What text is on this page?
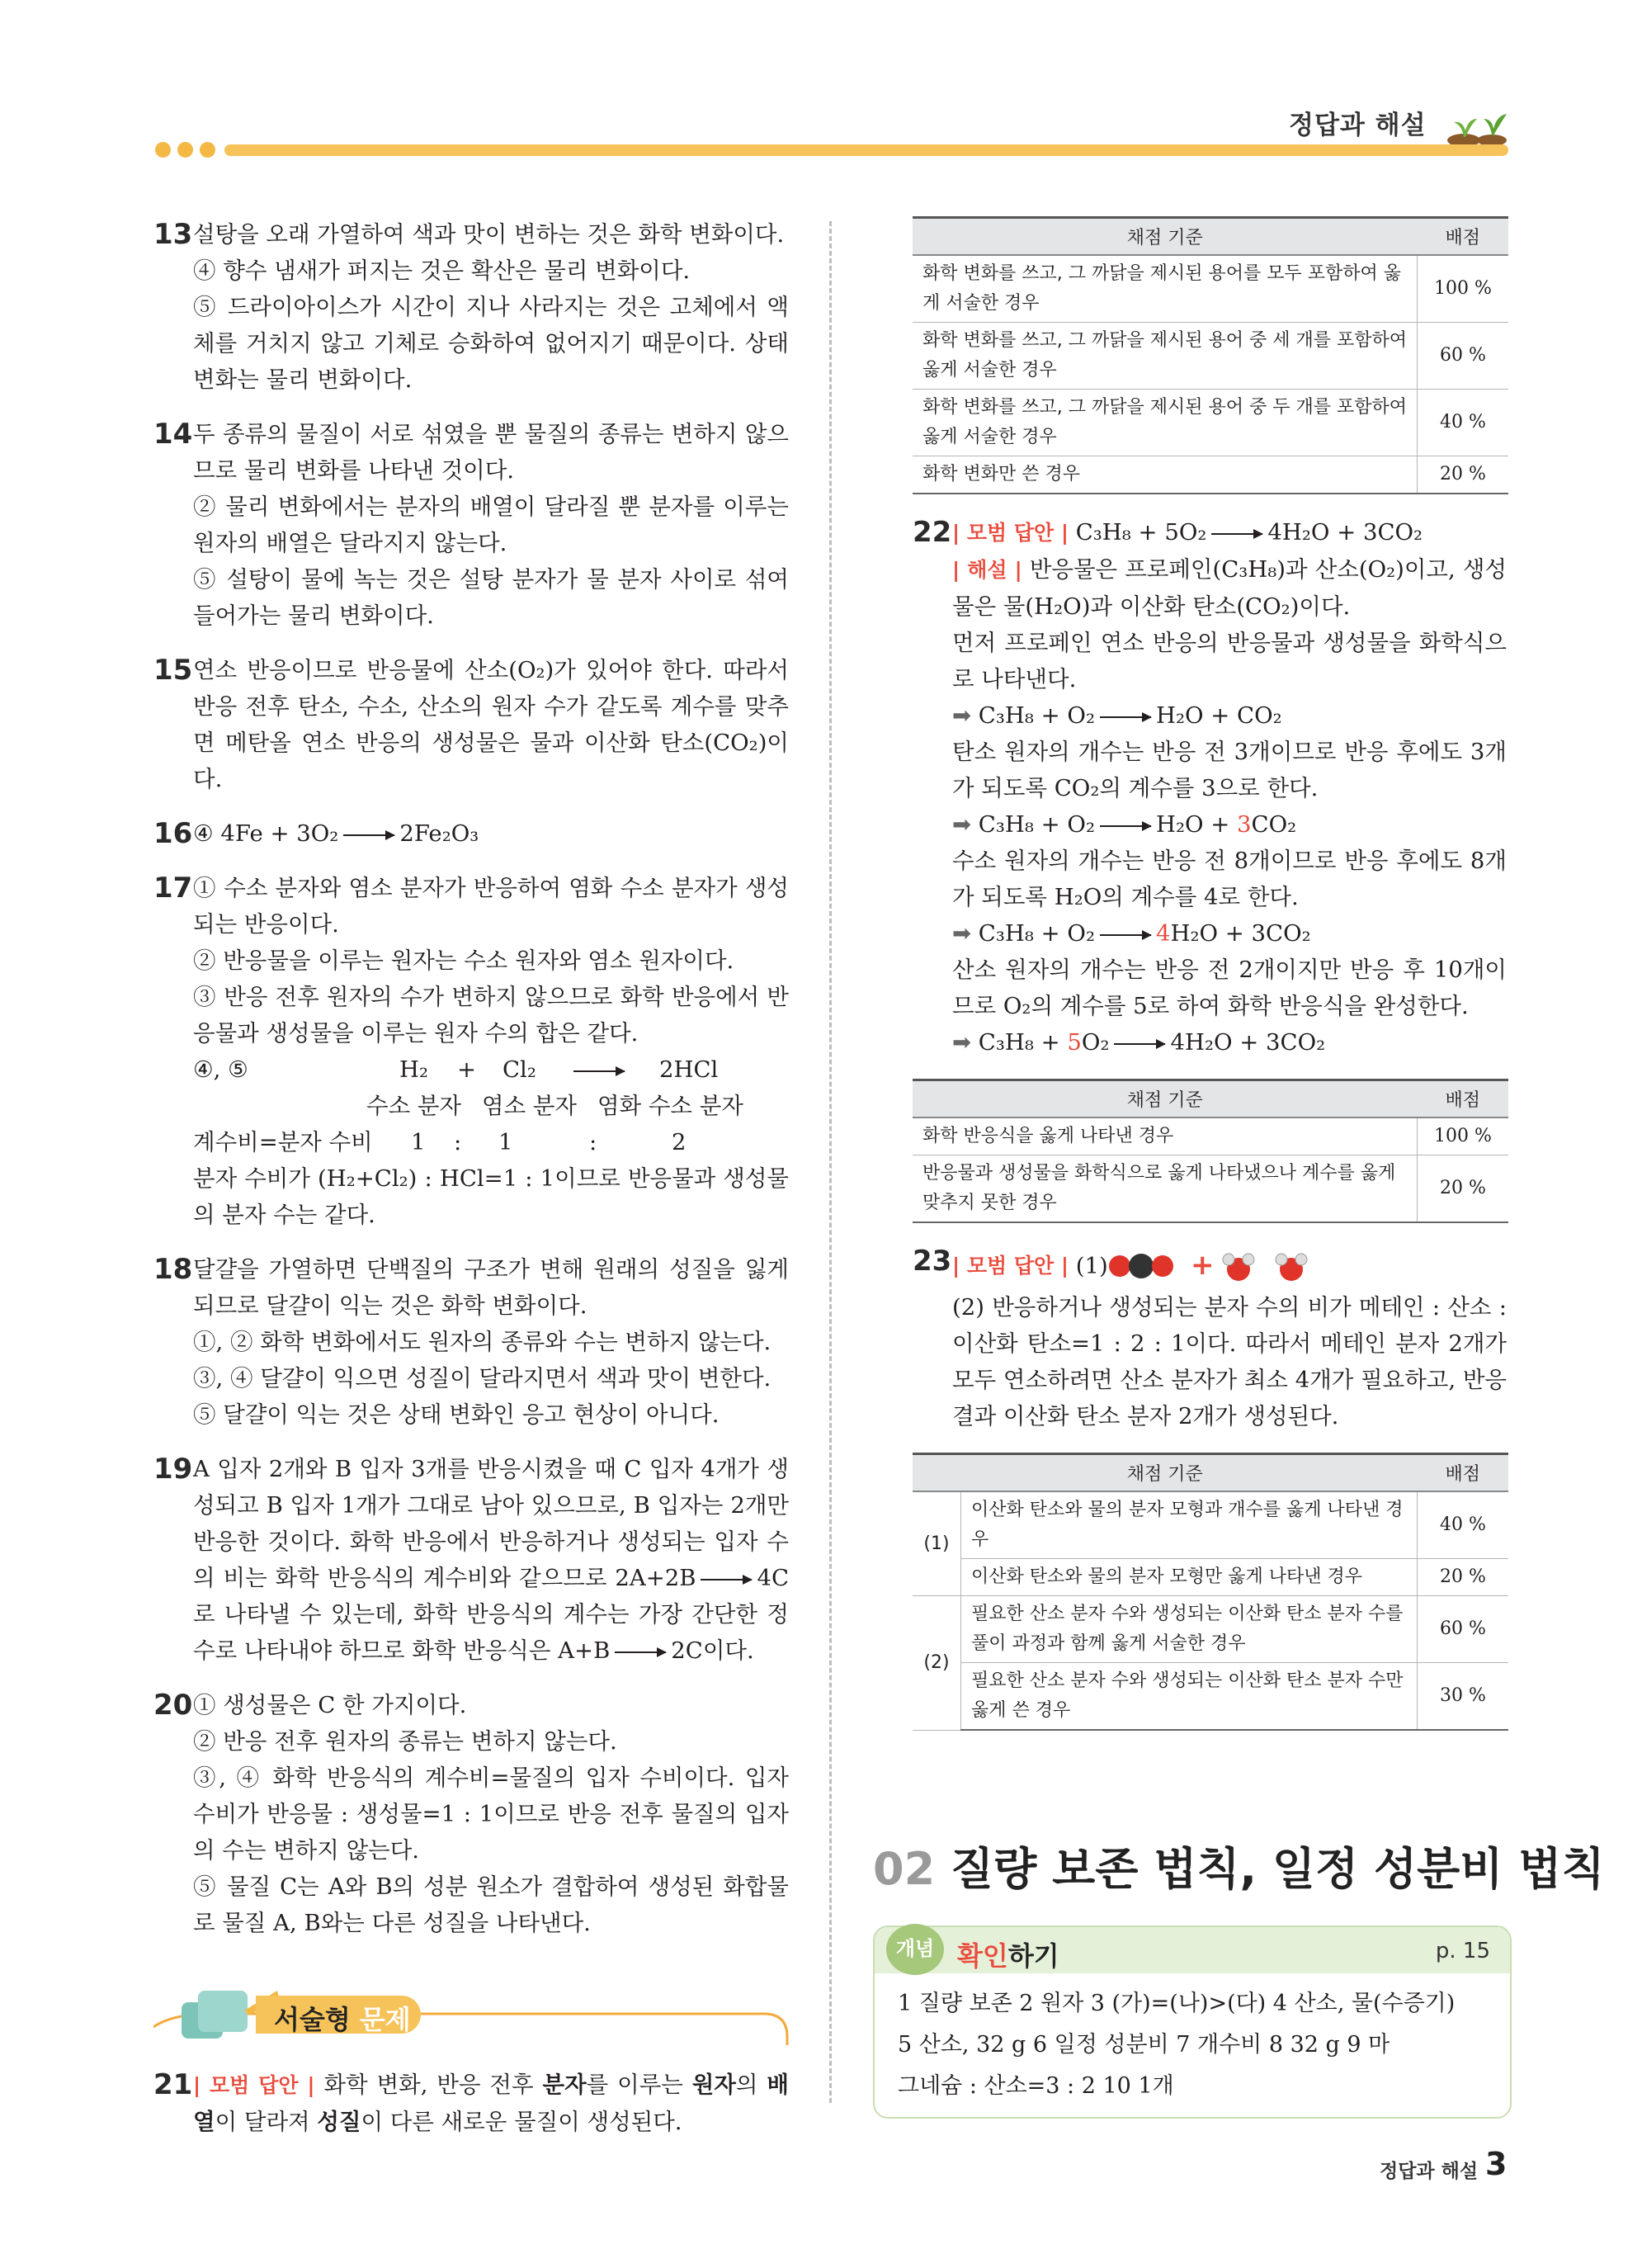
정답과 해설
13 설탕을 오래 가열하여 색과 맛이 변하는 것은 화학 변화이다.

④ 향수 냄새가 퍼지는 것은 확산은 물리 변화이다.

⑤ 드라이아이스가 시간이 지나 사라지는 것은 고체에서 액체를 거치지 않고 기체로 승화하여 없어지기 때문이다. 상태 변화는 물리 변화이다.

14 두 종류의 물질이 서로 섞였을 뿐 물질의 종류는 변하지 않으므로 물리 변화를 나타낸 것이다.

② 물리 변화에서는 분자의 배열이 달라질 뿐 분자를 이루는 원자의 배열은 달라지지 않는다.

⑤ 설탕이 물에 녹는 것은 설탕 분자가 물 분자 사이로 섞여 들어가는 물리 변화이다.

15 연소 반응이므로 반응물에 산소(O₂)가 있어야 한다. 따라서 반응 전후 탄소, 수소, 산소의 원자 수가 같도록 계수를 맞추면 메탄올 연소 반응의 생성물은 물과 이산화 탄소(CO₂)이다.

16 ④ 4Fe + 3O₂ → 2Fe₂O₃

17 ① 수소 분자와 염소 분자가 반응하여 염화 수소 분자가 생성되는 반응이다.

② 반응물을 이루는 원자는 수소 원자와 염소 원자이다.

③ 반응 전후 원자의 수가 변하지 않으므로 화학 반응에서 반응물과 생성물을 이루는 원자 수의 합은 같다.

④, ⑤	H₂	+	Cl₂	2HCl
수소 분자 염소 분자 염화 수소 분자
계수비=분자 수비	1	:	1	:	2

분자 수비가 (H₂+Cl₂) : HCl=1 : 1이므로 반응물과 생성물의 분자 수는 같다.

18 달걀을 가열하면 단백질의 구조가 변해 원래의 성질을 잃게 되므로 달걀이 익는 것은 화학 변화이다.

①, ② 화학 변화에서도 원자의 종류와 수는 변하지 않는다.

③, ④ 달걀이 익으면 성질이 달라지면서 색과 맛이 변한다.

⑤ 달걀이 익는 것은 상태 변화인 응고 현상이 아니다.

19 A 입자 2개와 B 입자 3개를 반응시켰을 때 C 입자 4개가 생성되고 B 입자 1개가 그대로 남아 있으므로, B 입자는 2개만 반응한 것이다. 화학 반응에서 반응하거나 생성되는 입자 수의 비는 화학 반응식의 계수비와 같으므로 2A+2B → 4C로 나타낼 수 있는데, 화학 반응식의 계수는 가장 간단한 정수로 나타내야 하므로 화학 반응식은 A+B → 2C이다.

20 ① 생성물은 C 한 가지이다.

② 반응 전후 원자의 종류는 변하지 않는다.

③, ④ 화학 반응식의 계수비=물질의 입자 수비이다. 입자 수비가 반응물 : 생성물=1 : 1이므로 반응 전후 물질의 입자의 수는 변하지 않는다.

⑤ 물질 C는 A와 B의 성분 원소가 결합하여 생성된 화합물로 물질 A, B와는 다른 성질을 나타낸다.

서술형 문제
21 | 모범 답안 | 화학 변화, 반응 전후 분자를 이루는 원자의 배열이 달라져 성질이 다른 새로운 물질이 생성된다.

채점 기준	배점
화학 변화를 쓰고, 그 까닭을 제시된 용어를 모두 포함하여 옳게 서술한 경우	100 %
화학 변화를 쓰고, 그 까닭을 제시된 용어 중 세 개를 포함하여 옳게 서술한 경우	60 %
화학 변화를 쓰고, 그 까닭을 제시된 용어 중 두 개를 포함하여 옳게 서술한 경우	40 %
화학 변화만 쓴 경우	20 %
22 | 모범 답안 | C₃H₈ + 5O₂ → 4H₂O + 3CO₂

| 해설 | 반응물은 프로페인(C₃H₈)과 산소(O₂)이고, 생성물은 물(H₂O)과 이산화 탄소(CO₂)이다.

먼저 프로페인 연소 반응의 반응물과 생성물을 화학식으로 나타낸다.

➡ C₃H₈ + O₂ → H₂O + CO₂

탄소 원자의 개수는 반응 전 3개이므로 반응 후에도 3개가 되도록 CO₂의 계수를 3으로 한다.

➡ C₃H₈ + O₂ → H₂O + 3CO₂

수소 원자의 개수는 반응 전 8개이므로 반응 후에도 8개가 되도록 H₂O의 계수를 4로 한다.

➡ C₃H₈ + O₂ → 4H₂O + 3CO₂

산소 원자의 개수는 반응 전 2개이지만 반응 후 10개이므로 O₂의 계수를 5로 하여 화학 반응식을 완성한다.

➡ C₃H₈ + 5O₂ → 4H₂O + 3CO₂

채점 기준	배점
화학 반응식을 옳게 나타낸 경우	100 %
반응물과 생성물을 화학식으로 옳게 나타냈으나 계수를 옳게 맞추지 못한 경우	20 %
23 | 모범 답안 |
(1)	+

(2) 반응하거나 생성되는 분자 수의 비가 메테인 : 산소 : 이산화 탄소=1 : 2 : 1이다. 따라서 메테인 분자 2개가 모두 연소하려면 산소 분자가 최소 4개가 필요하고, 반응 결과 이산화 탄소 분자 2개가 생성된다.

채점 기준		배점
(1)	이산화 탄소와 물의 분자 모형과 개수를 옳게 나타낸 경우	40 %
	이산화 탄소와 물의 분자 모형만 옳게 나타낸 경우	20 %
(2)	필요한 산소 분자 수와 생성되는 이산화 탄소 분자 수를 풀이 과정과 함께 옳게 서술한 경우	60 %
	필요한 산소 분자 수와 생성되는 이산화 탄소 분자 수만 옳게 쓴 경우	30 %
02 질량 보존 법칙, 일정 성분비 법칙
개념 확인하기	p. 15
1 질량 보존 2 원자 3 (가)=(나)>(다) 4 산소, 물(수증기)
5 산소, 32 g 6 일정 성분비 7 개수비 8 32 g 9 마
그네슘 : 산소=3 : 2 10 1개
정답과 해설 3
